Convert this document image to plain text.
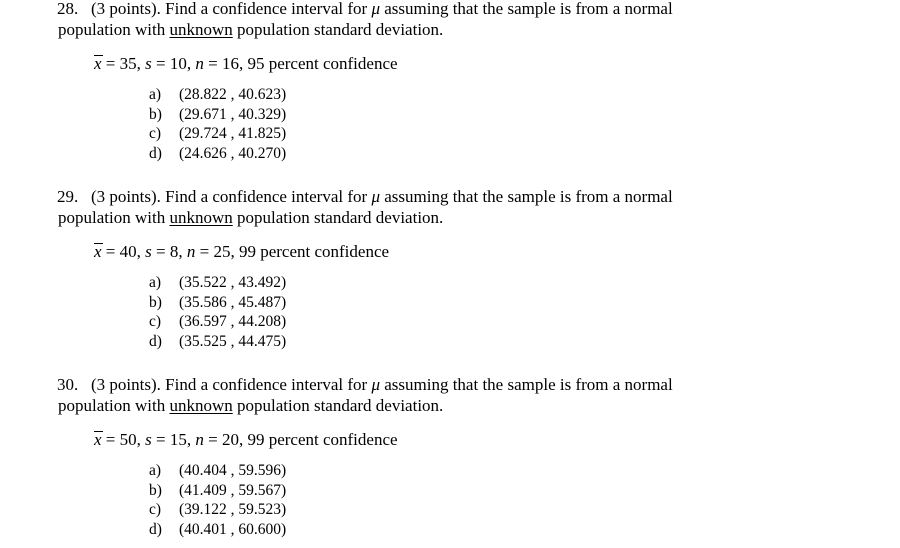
28. (3 points). Find a confidence interval for μ assuming that the sample is from a normal
population with unknown population standard deviation.
x = 35, s = 10, n = 16, 95 percent confidence
a)	(28.822 , 40.623)
b)	(29.671 , 40.329)
c)	(29.724 , 41.825)
d)	(24.626 , 40.270)
29. (3 points). Find a confidence interval for μ assuming that the sample is from a normal
population with unknown population standard deviation.
x = 40, s = 8, n = 25, 99 percent confidence
a)	(35.522 , 43.492)
b)	(35.586 , 45.487)
c)	(36.597 , 44.208)
d)	(35.525 , 44.475)
30. (3 points). Find a confidence interval for μ assuming that the sample is from a normal
population with unknown population standard deviation.
x = 50, s = 15, n = 20, 99 percent confidence
a)	(40.404 , 59.596)
b)	(41.409 , 59.567)
c)	(39.122 , 59.523)
d)	(40.401 , 60.600)
